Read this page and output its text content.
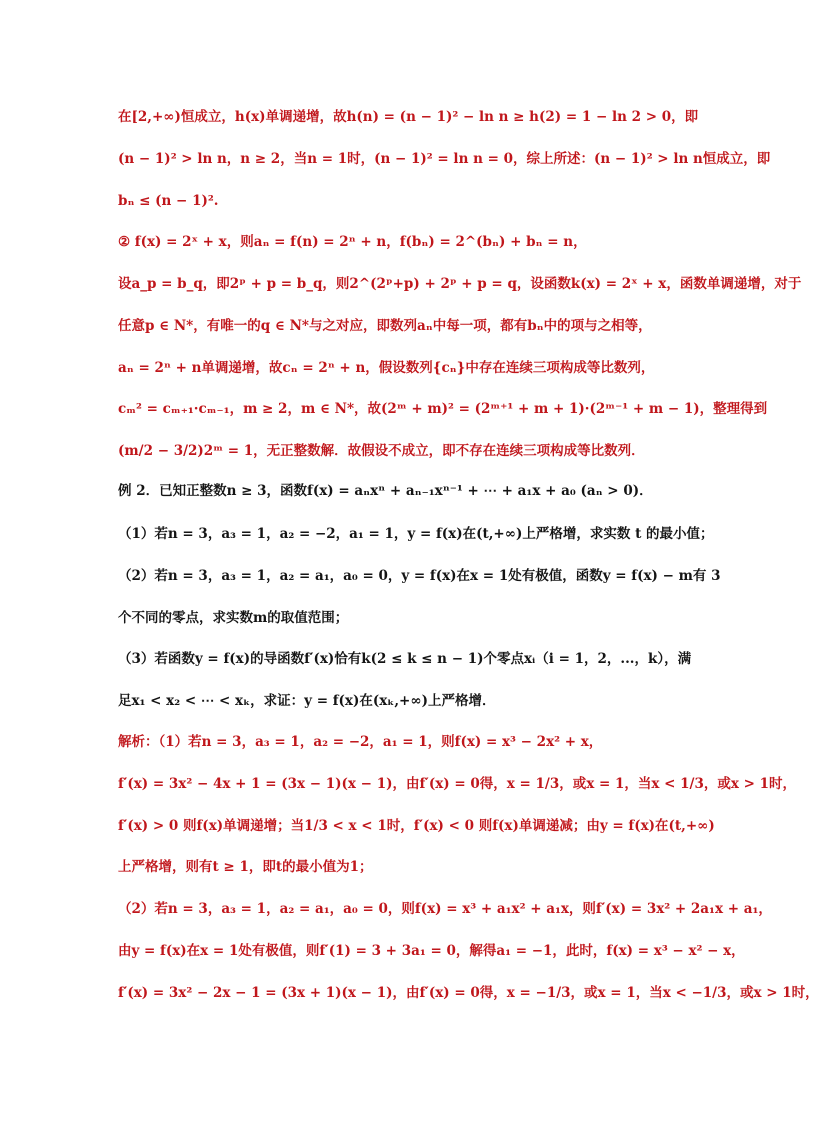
在[2,+∞)恒成立，h(x)单调递增，故h(n) = (n − 1)² − ln n ≥ h(2) = 1 − ln 2 > 0，即
(n − 1)² > ln n，n ≥ 2，当n = 1时，(n − 1)² = ln n = 0，综上所述：(n − 1)² > ln n恒成立，即
bₙ ≤ (n − 1)².
② f(x) = 2ˣ + x，则aₙ = f(n) = 2ⁿ + n，f(bₙ) = 2^(bₙ) + bₙ = n，
设a_p = b_q，即2ᵖ + p = b_q，则2^(2ᵖ+p) + 2ᵖ + p = q，设函数k(x) = 2ˣ + x，函数单调递增，对于
任意p ∈ N*，有唯一的q ∈ N*与之对应，即数列aₙ中每一项，都有bₙ中的项与之相等，
aₙ = 2ⁿ + n单调递增，故cₙ = 2ⁿ + n，假设数列{cₙ}中存在连续三项构成等比数列，
cₘ² = cₘ₊₁·cₘ₋₁，m ≥ 2，m ∈ N*，故(2ᵐ + m)² = (2ᵐ⁺¹ + m + 1)·(2ᵐ⁻¹ + m − 1)，整理得到
(m/2 − 3/2)2ᵐ = 1，无正整数解．故假设不成立，即不存在连续三项构成等比数列．
例 2．已知正整数n ≥ 3，函数f(x) = aₙxⁿ + aₙ₋₁xⁿ⁻¹ + ⋯ + a₁x + a₀ (aₙ > 0)．
（1）若n = 3，a₃ = 1，a₂ = −2，a₁ = 1，y = f(x)在(t,+∞)上严格增，求实数 t 的最小值；
（2）若n = 3，a₃ = 1，a₂ = a₁，a₀ = 0，y = f(x)在x = 1处有极值，函数y = f(x) − m有 3
个不同的零点，求实数m的取值范围；
（3）若函数y = f(x)的导函数f′(x)恰有k(2 ≤ k ≤ n − 1)个零点xᵢ（i = 1，2，...，k），满
足x₁ < x₂ < ⋯ < xₖ，求证：y = f(x)在(xₖ,+∞)上严格增．
解析：（1）若n = 3，a₃ = 1，a₂ = −2，a₁ = 1，则f(x) = x³ − 2x² + x，
f′(x) = 3x² − 4x + 1 = (3x − 1)(x − 1)，由f′(x) = 0得，x = 1/3，或x = 1，当x < 1/3，或x > 1时，
f′(x) > 0 则f(x)单调递增；当1/3 < x < 1时，f′(x) < 0 则f(x)单调递减；由y = f(x)在(t,+∞)
上严格增，则有t ≥ 1，即t的最小值为1；
（2）若n = 3，a₃ = 1，a₂ = a₁，a₀ = 0，则f(x) = x³ + a₁x² + a₁x，则f′(x) = 3x² + 2a₁x + a₁，
由y = f(x)在x = 1处有极值，则f′(1) = 3 + 3a₁ = 0，解得a₁ = −1，此时，f(x) = x³ − x² − x，
f′(x) = 3x² − 2x − 1 = (3x + 1)(x − 1)，由f′(x) = 0得，x = −1/3，或x = 1，当x < −1/3，或x > 1时，
